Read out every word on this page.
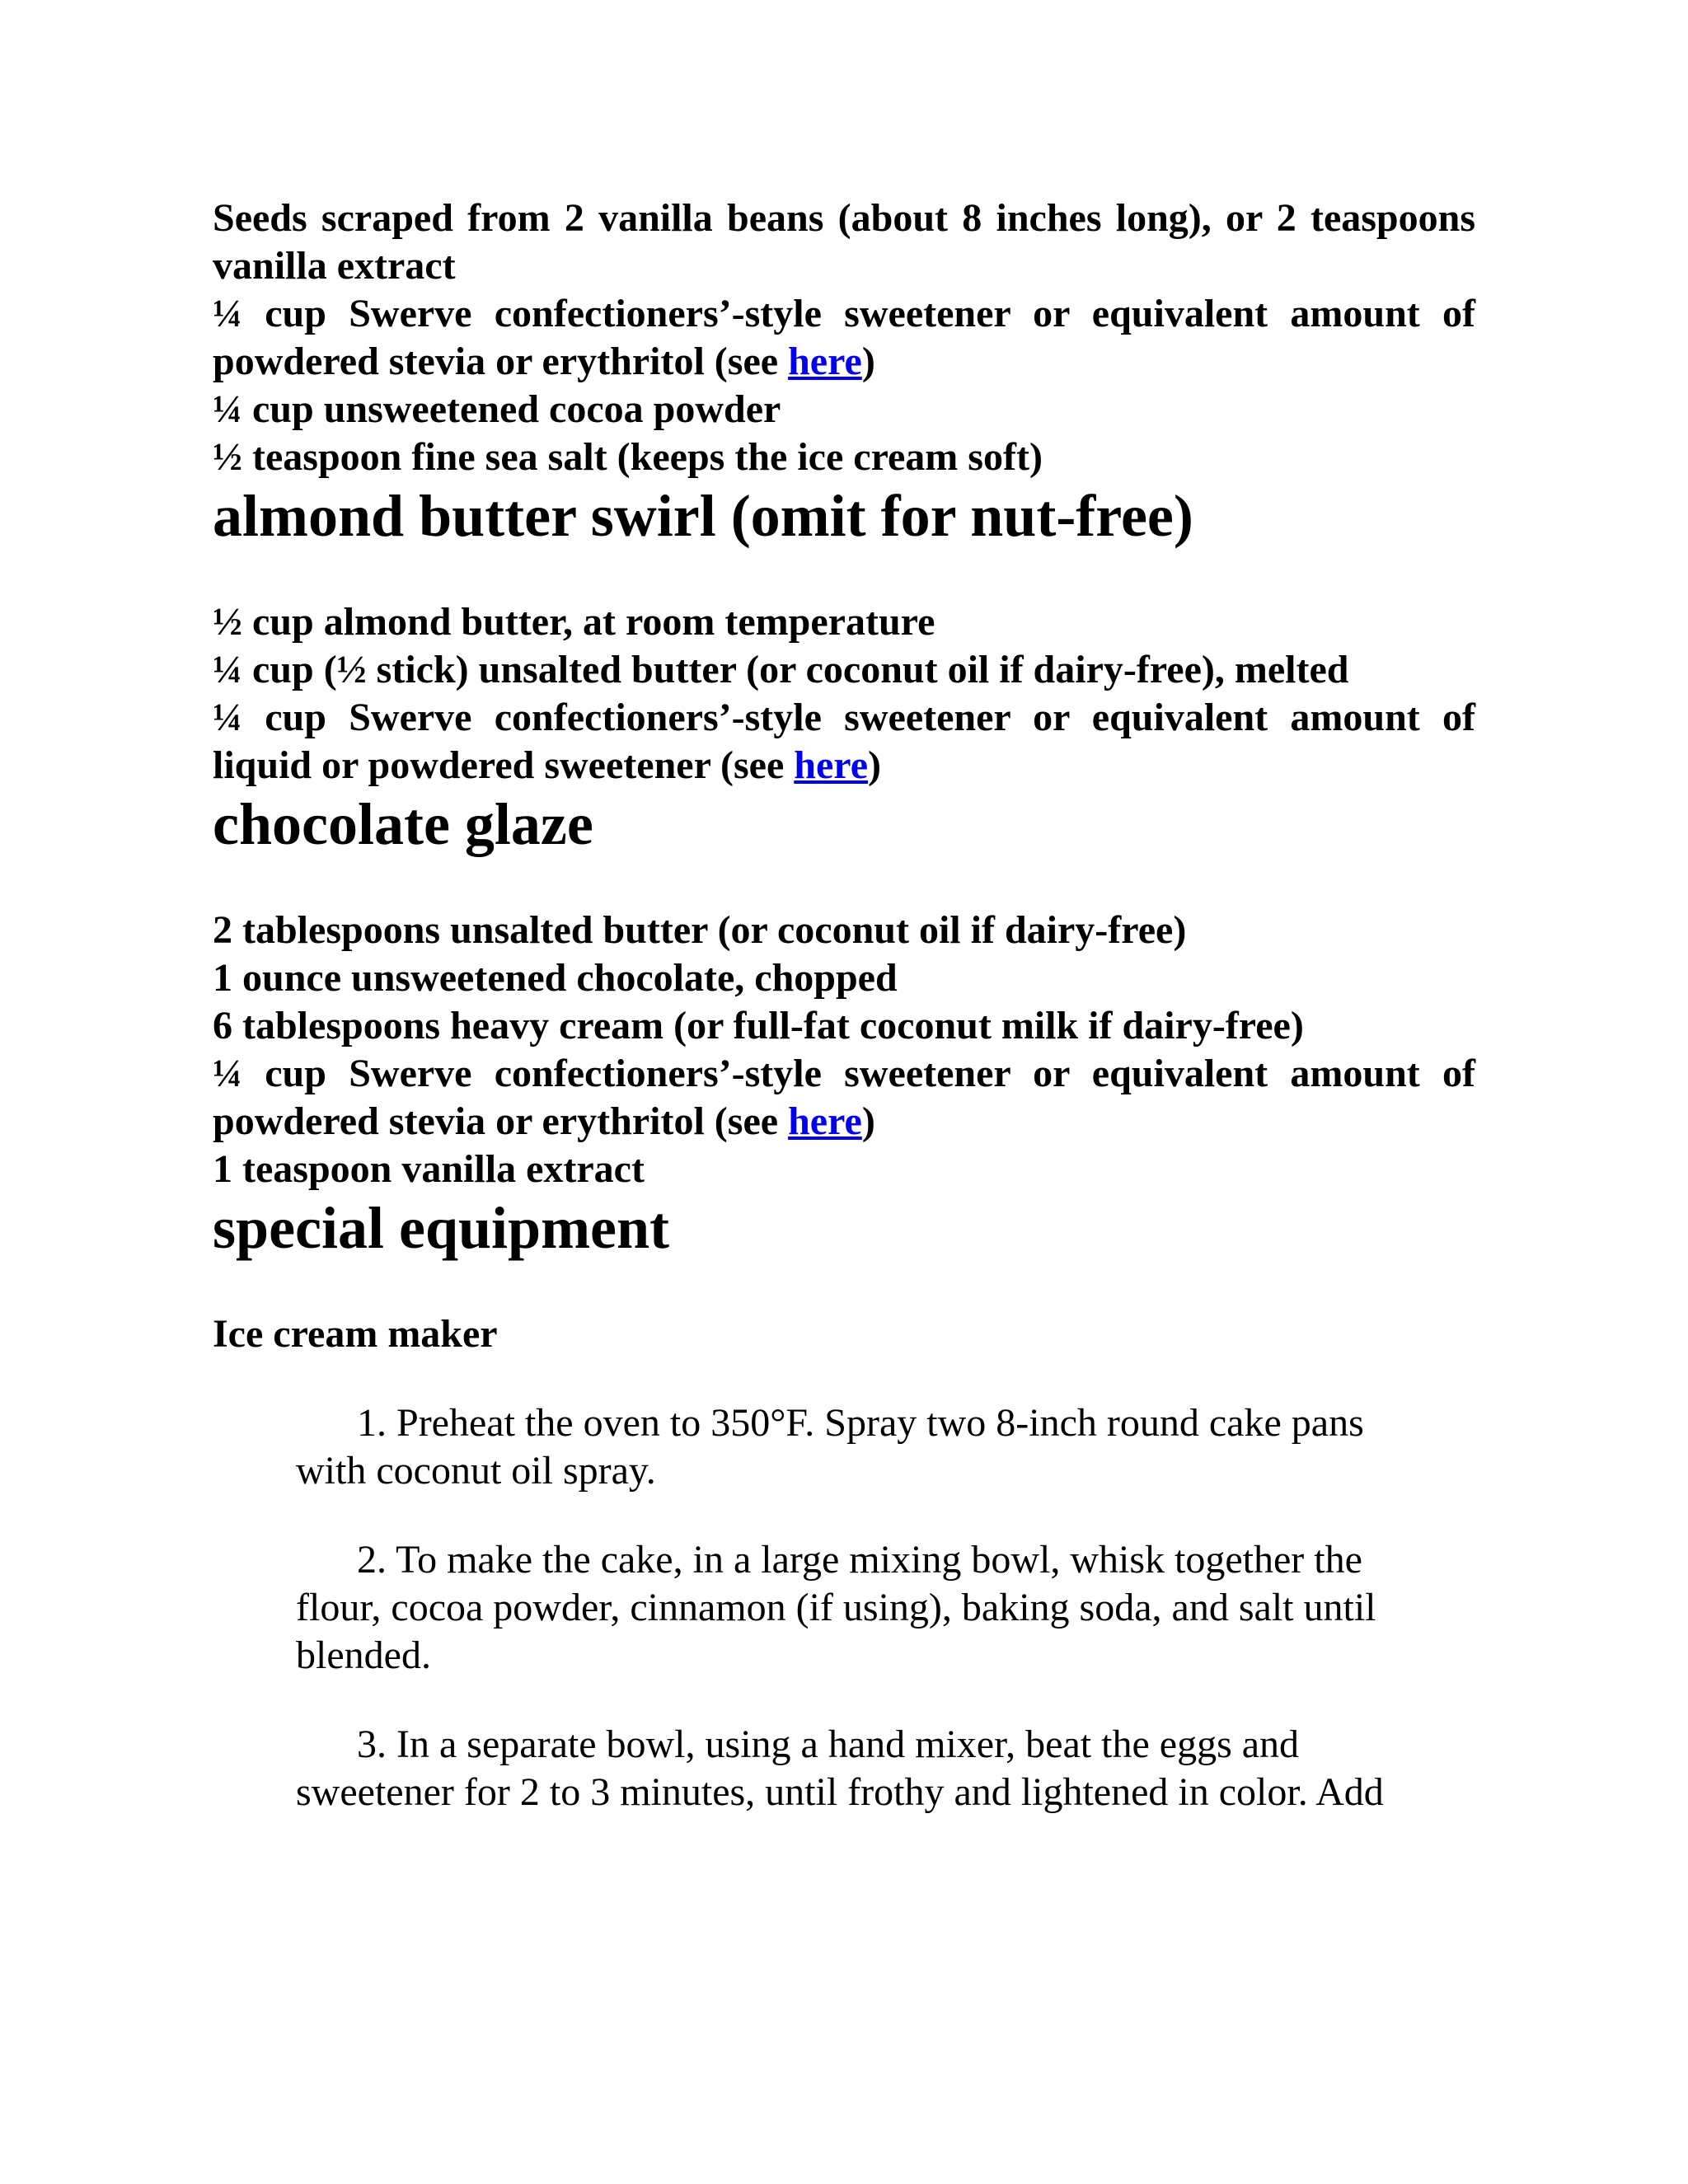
Seeds scraped from 2 vanilla beans (about 8 inches long), or 2 teaspoons vanilla extract

¼ cup Swerve confectioners’-style sweetener or equivalent amount of powdered stevia or erythritol (see here)

¼ cup unsweetened cocoa powder

½ teaspoon fine sea salt (keeps the ice cream soft)

almond butter swirl (omit for nut-free)

½ cup almond butter, at room temperature

¼ cup (½ stick) unsalted butter (or coconut oil if dairy-free), melted

¼ cup Swerve confectioners’-style sweetener or equivalent amount of liquid or powdered sweetener (see here)

chocolate glaze

2 tablespoons unsalted butter (or coconut oil if dairy-free)

1 ounce unsweetened chocolate, chopped

6 tablespoons heavy cream (or full-fat coconut milk if dairy-free)

¼ cup Swerve confectioners’-style sweetener or equivalent amount of powdered stevia or erythritol (see here)

1 teaspoon vanilla extract

special equipment

Ice cream maker

1. Preheat the oven to 350°F. Spray two 8-inch round cake pans with coconut oil spray.

2. To make the cake, in a large mixing bowl, whisk together the flour, cocoa powder, cinnamon (if using), baking soda, and salt until blended.

3. In a separate bowl, using a hand mixer, beat the eggs and sweetener for 2 to 3 minutes, until frothy and lightened in color. Add
